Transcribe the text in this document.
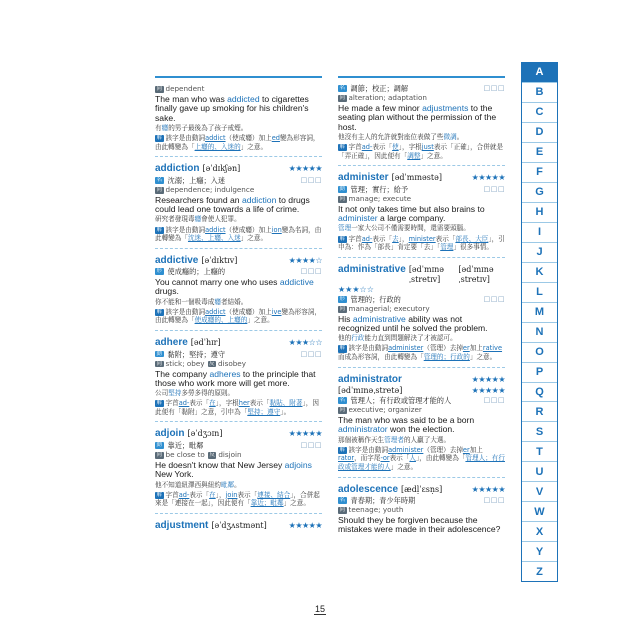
同 dependent
The man who was addicted to cigarettes finally gave up smoking for his children's sake.
有癮的男子最後為了孩子戒煙。
解 該字是由動詞addict（使成癮）加上ed變為形容詞，由此轉變為「上癮的、入迷的」之意。
addiction [əˈdɪkʃən]	★★★★★
名 沈溺；上癮；入迷	□□□
同 dependence; indulgence
Researchers found an addiction to drugs could lead one towards a life of crime.
研究者發現毒癮會使人犯罪。
解 該字是由動詞addict（使成癮）加上ion變為名詞，由此轉變為「沈迷、上癮、入迷」之意。
addictive [əˈdɪktɪv]	★★★★☆
形 使成癮的；上癮的	□□□
You cannot marry one who uses addictive drugs.
你不能和一個吸毒成癮者結婚。
解 該字是由動詞addict（使成癮）加上ive變為形容詞，由此轉變為「使成癮的、上癮的」之意。
adhere [ədˈhɪr]	★★★☆☆
動 黏附；堅持；遵守	□□□
同 stick; obey 反 disobey
The company adheres to the principle that those who work more will get more.
公司堅持多勞多得的原則。
解 字首ad-表示「在」，字根her表示「黏貼、附著」，因此便有「黏附」之意，引申為「堅持；遵守」。
adjoin [əˈdʒɔɪn]	★★★★★
動 靠近；毗鄰	□□□
同 be close to 反 disjoin
He doesn't know that New Jersey adjoins New York.
他不知道紐澤西與紐約毗鄰。
解 字首ad-表示「在」，join表示「連接、結合」，合併起來是「連接在一起」，因此便有「靠近；毗鄰」之意。
adjustment [əˈdʒʌstmənt]	★★★★★
名 調節；校正；調解	□□□
同 alteration; adaptation
He made a few minor adjustments to the seating plan without the permission of the host.
他沒有主人的允許就對座位表做了些微調。
解 字首ad-表示「使」，字根just表示「正確」，合併就是「弄正確」，因此便有「調整」之意。
administer [ədˈmɪnəstə]	★★★★★
動 管理；實行；給予	□□□
同 manage; execute
It not only takes time but also brains to administer a large company.
管理一家大公司不僅需要時間，還需要頭腦。
解 字首ad-表示「去」，minister表示「部長、大臣」，引申為：作為「部長」肯定要「去」「管理」很多事情。
administrative [ədˈmɪnəˌstretɪv]
[ədˈmɪnəˌstretɪv]
★★★☆☆
形 管理的；行政的	□□□
同 managerial; executory
His administrative ability was not recognized until he solved the problem.
他的行政能力直到問題解決了才被認可。
解 該字是由動詞administer（管理）去掉er加上rative而成為形容詞，由此轉變為「管理的；行政的」之意。
administrator	★★★★★
[ədˈmɪnəˌstretə]	★★★★★
名 管理人；有行政或管理才能的人	□□□
同 executive; organizer
The man who was said to be a born administrator won the election.
那個被稱作天生管理者的人贏了大選。
解 該字是由動詞administer（管理）去掉er加上rator，而字尾-or表示「人」，由此轉變為「管理人；有行政或管理才能的人」之意。
adolescence [ædḷˈɛsṇs]	★★★★★
名 青春期；青少年時期	□□□
同 teenage; youth
Should they be forgiven because the mistakes were made in their adolescence?
A
B
C
D
E
F
G
H
I
J
K
L
M
N
O
P
Q
R
S
T
U
V
W
X
Y
Z
15
